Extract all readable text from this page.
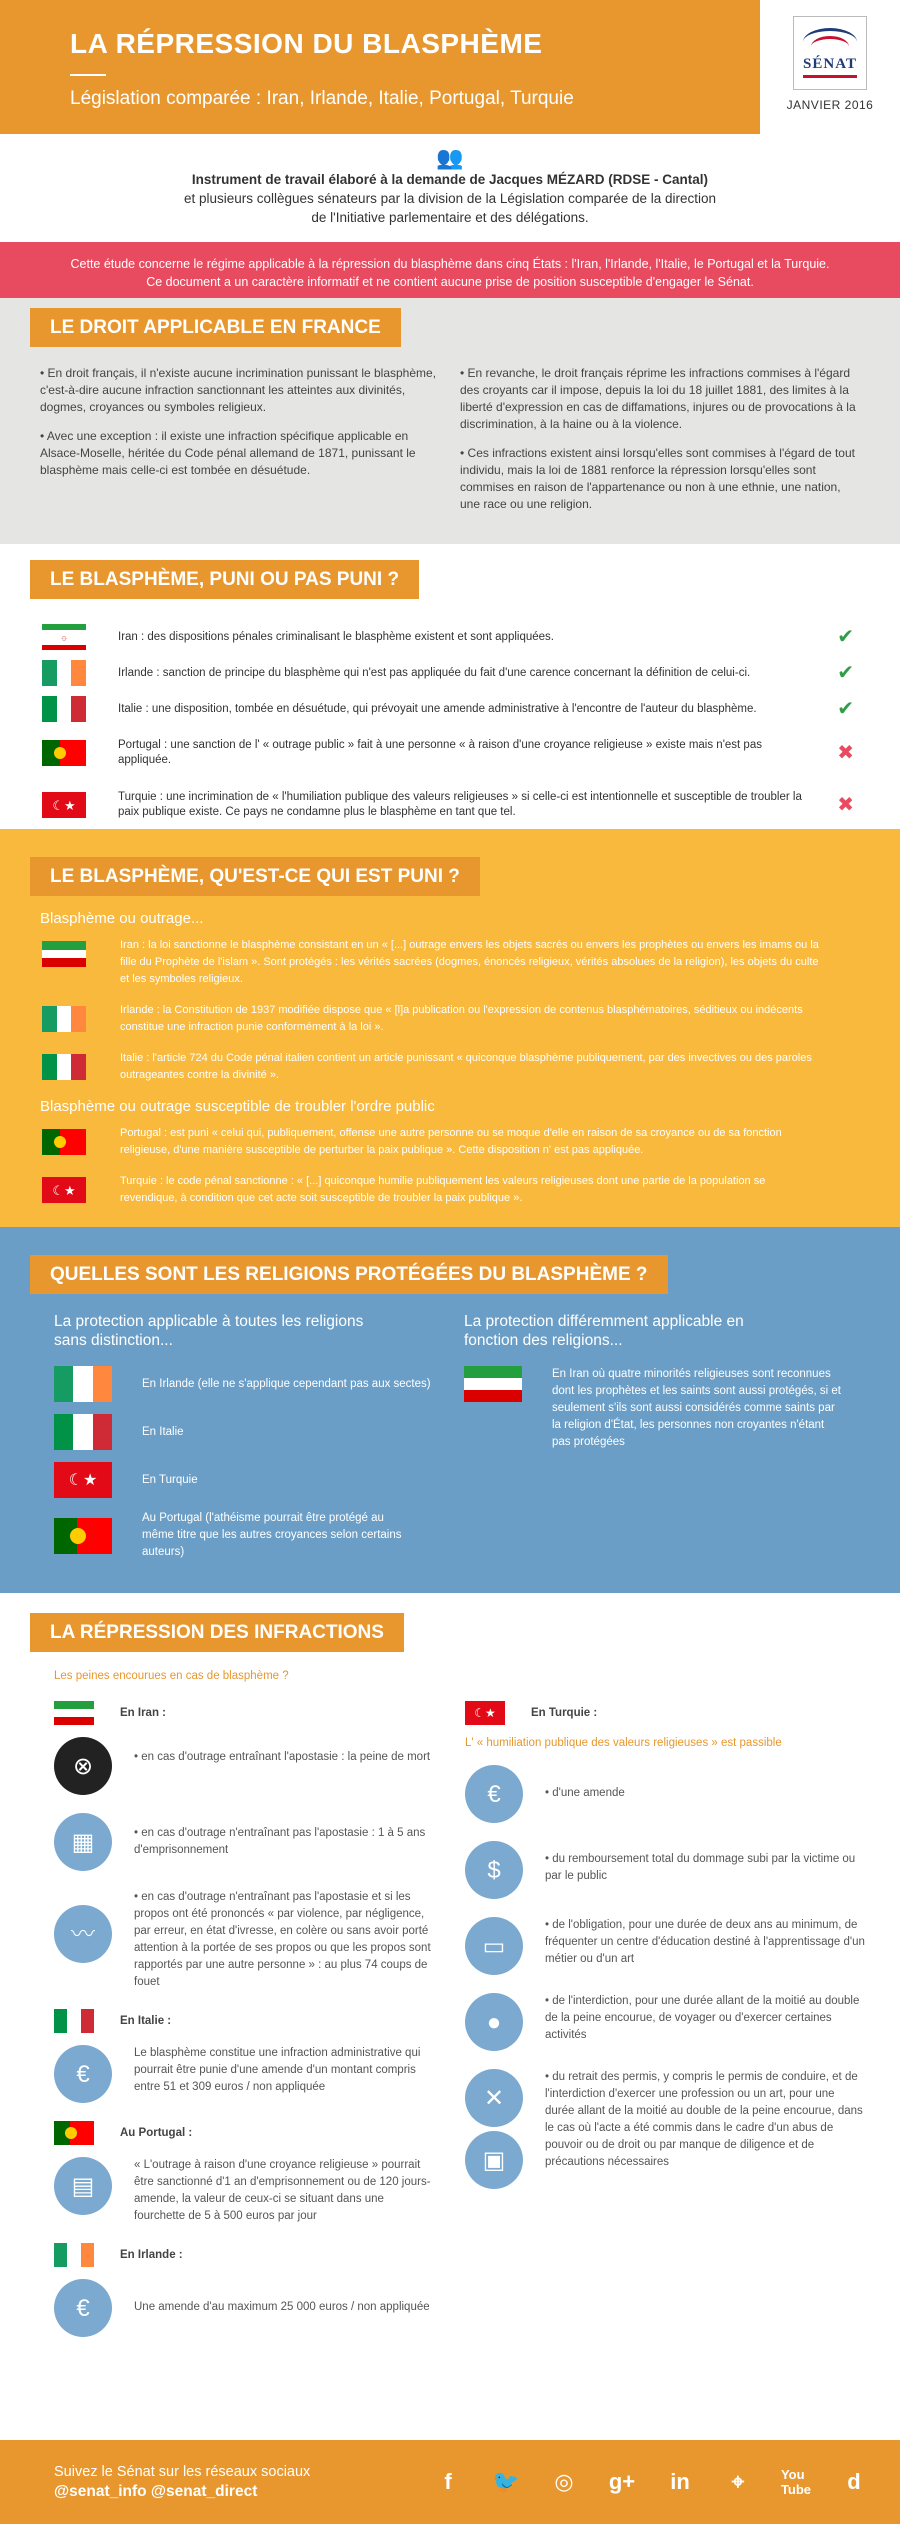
LA RÉPRESSION DU BLASPHÈME
Législation comparée : Iran, Irlande, Italie, Portugal, Turquie
SÉNAT
JANVIER 2016
👥
Instrument de travail élaboré à la demande de Jacques MÉZARD (RDSE - Cantal)
et plusieurs collègues sénateurs par la division de la Législation comparée de la direction
de l'Initiative parlementaire et des délégations.
Cette étude concerne le régime applicable à la répression du blasphème dans cinq États : l'Iran, l'Irlande, l'Italie, le Portugal et la Turquie.
Ce document a un caractère informatif et ne contient aucune prise de position susceptible d'engager le Sénat.
LE DROIT APPLICABLE EN FRANCE

• En droit français, il n'existe aucune incrimination punissant le blasphème, c'est-à-dire aucune infraction sanctionnant les atteintes aux divinités, dogmes, croyances ou symboles religieux.

• Avec une exception : il existe une infraction spécifique applicable en Alsace-Moselle, héritée du Code pénal allemand de 1871, punissant le blasphème mais celle-ci est tombée en désuétude.

• En revanche, le droit français réprime les infractions commises à l'égard des croyants car il impose, depuis la loi du 18 juillet 1881, des limites à la liberté d'expression en cas de diffamations, injures ou de provocations à la discrimination, à la haine ou à la violence.

• Ces infractions existent ainsi lorsqu'elles sont commises à l'égard de tout individu, mais la loi de 1881 renforce la répression lorsqu'elles sont commises en raison de l'appartenance ou non à une ethnie, une nation, une race ou une religion.

LE BLASPHÈME, PUNI OU PAS PUNI ?
۞	Iran : des dispositions pénales criminalisant le blasphème existent et sont appliquées.	✔
Irlande : sanction de principe du blasphème qui n'est pas appliquée du fait d'une carence concernant la définition de celui-ci.	✔
Italie : une disposition, tombée en désuétude, qui prévoyait une amende administrative à l'encontre de l'auteur du blasphème.	✔
Portugal : une sanction de l' « outrage public » fait à une personne « à raison d'une croyance religieuse » existe mais n'est pas appliquée.	✖
☾★
Turquie : une incrimination de « l'humiliation publique des valeurs religieuses » si celle-ci est intentionnelle et susceptible de troubler la paix publique existe. Ce pays ne condamne plus le blasphème en tant que tel.	✖
LE BLASPHÈME, QU'EST-CE QUI EST PUNI ?
Blasphème ou outrage...
Iran : la loi sanctionne le blasphème consistant en un « [...] outrage envers les objets sacrés ou envers les prophètes ou envers les imams ou la fille du Prophète de l'islam ». Sont protégés : les vérités sacrées (dogmes, énoncés religieux, vérités absolues de la religion), les objets du culte et les symboles religieux.
Irlande : la Constitution de 1937 modifiée dispose que « [l]a publication ou l'expression de contenus blasphématoires, séditieux ou indécents constitue une infraction punie conformément à la loi ».
Italie : l'article 724 du Code pénal italien contient un article punissant « quiconque blasphème publiquement, par des invectives ou des paroles outrageantes contre la divinité ».
Blasphème ou outrage susceptible de troubler l'ordre public
Portugal : est puni « celui qui, publiquement, offense une autre personne ou se moque d'elle en raison de sa croyance ou de sa fonction religieuse, d'une manière susceptible de perturber la paix publique ». Cette disposition n' est pas appliquée.
☾★
Turquie : le code pénal sanctionne : « [...] quiconque humilie publiquement les valeurs religieuses dont une partie de la population se revendique, à condition que cet acte soit susceptible de troubler la paix publique ».
QUELLES SONT LES RELIGIONS PROTÉGÉES DU BLASPHÈME ?
La protection applicable à toutes les religions sans distinction...
En Irlande (elle ne s'applique cependant pas aux sectes)
En Italie
☾★	En Turquie
Au Portugal (l'athéisme pourrait être protégé au même titre que les autres croyances selon certains auteurs)
La protection différemment applicable en fonction des religions...
En Iran où quatre minorités religieuses sont reconnues dont les prophètes et les saints sont aussi protégés, si et seulement s'ils sont aussi considérés comme saints par la religion d'État, les personnes non croyantes n'étant pas protégées
LA RÉPRESSION DES INFRACTIONS
Les peines encourues en cas de blasphème ?
En Iran :
⊗	• en cas d'outrage entraînant l'apostasie : la peine de mort
▦	• en cas d'outrage n'entraînant pas l'apostasie : 1 à 5 ans d'emprisonnement
〰
• en cas d'outrage n'entraînant pas l'apostasie et si les propos ont été prononcés « par violence, par négligence, par erreur, en état d'ivresse, en colère ou sans avoir porté attention à la portée de ses propos ou que les propos sont rapportés par une autre personne » : au plus 74 coups de fouet
En Italie :
€
Le blasphème constitue une infraction administrative qui pourrait être punie d'une amende d'un montant compris entre 51 et 309 euros / non appliquée
Au Portugal :
▤
« L'outrage à raison d'une croyance religieuse » pourrait être sanctionné d'1 an d'emprisonnement ou de 120 jours-amende, la valeur de ceux-ci se situant dans une fourchette de 5 à 500 euros par jour
En Irlande :
€	Une amende d'au maximum 25 000 euros / non appliquée
☾★	En Turquie :
L' « humiliation publique des valeurs religieuses » est passible
€	• d'une amende
$	• du remboursement total du dommage subi par la victime ou par le public
▭
• de l'obligation, pour une durée de deux ans au minimum, de fréquenter un centre d'éducation destiné à l'apprentissage d'un métier ou d'un art
●
• de l'interdiction, pour une durée allant de la moitié au double de la peine encourue, de voyager ou d'exercer certaines activités
✕
▣
• du retrait des permis, y compris le permis de conduire, et de l'interdiction d'exercer une profession ou un art, pour une durée allant de la moitié au double de la peine encourue, dans le cas où l'acte a été commis dans le cadre d'un abus de pouvoir ou de droit ou par manque de diligence et de précautions nécessaires
Suivez le Sénat sur les réseaux sociaux
@senat_info @senat_direct	f	🐦	◎	g+	in	⌖	You
Tube	d
